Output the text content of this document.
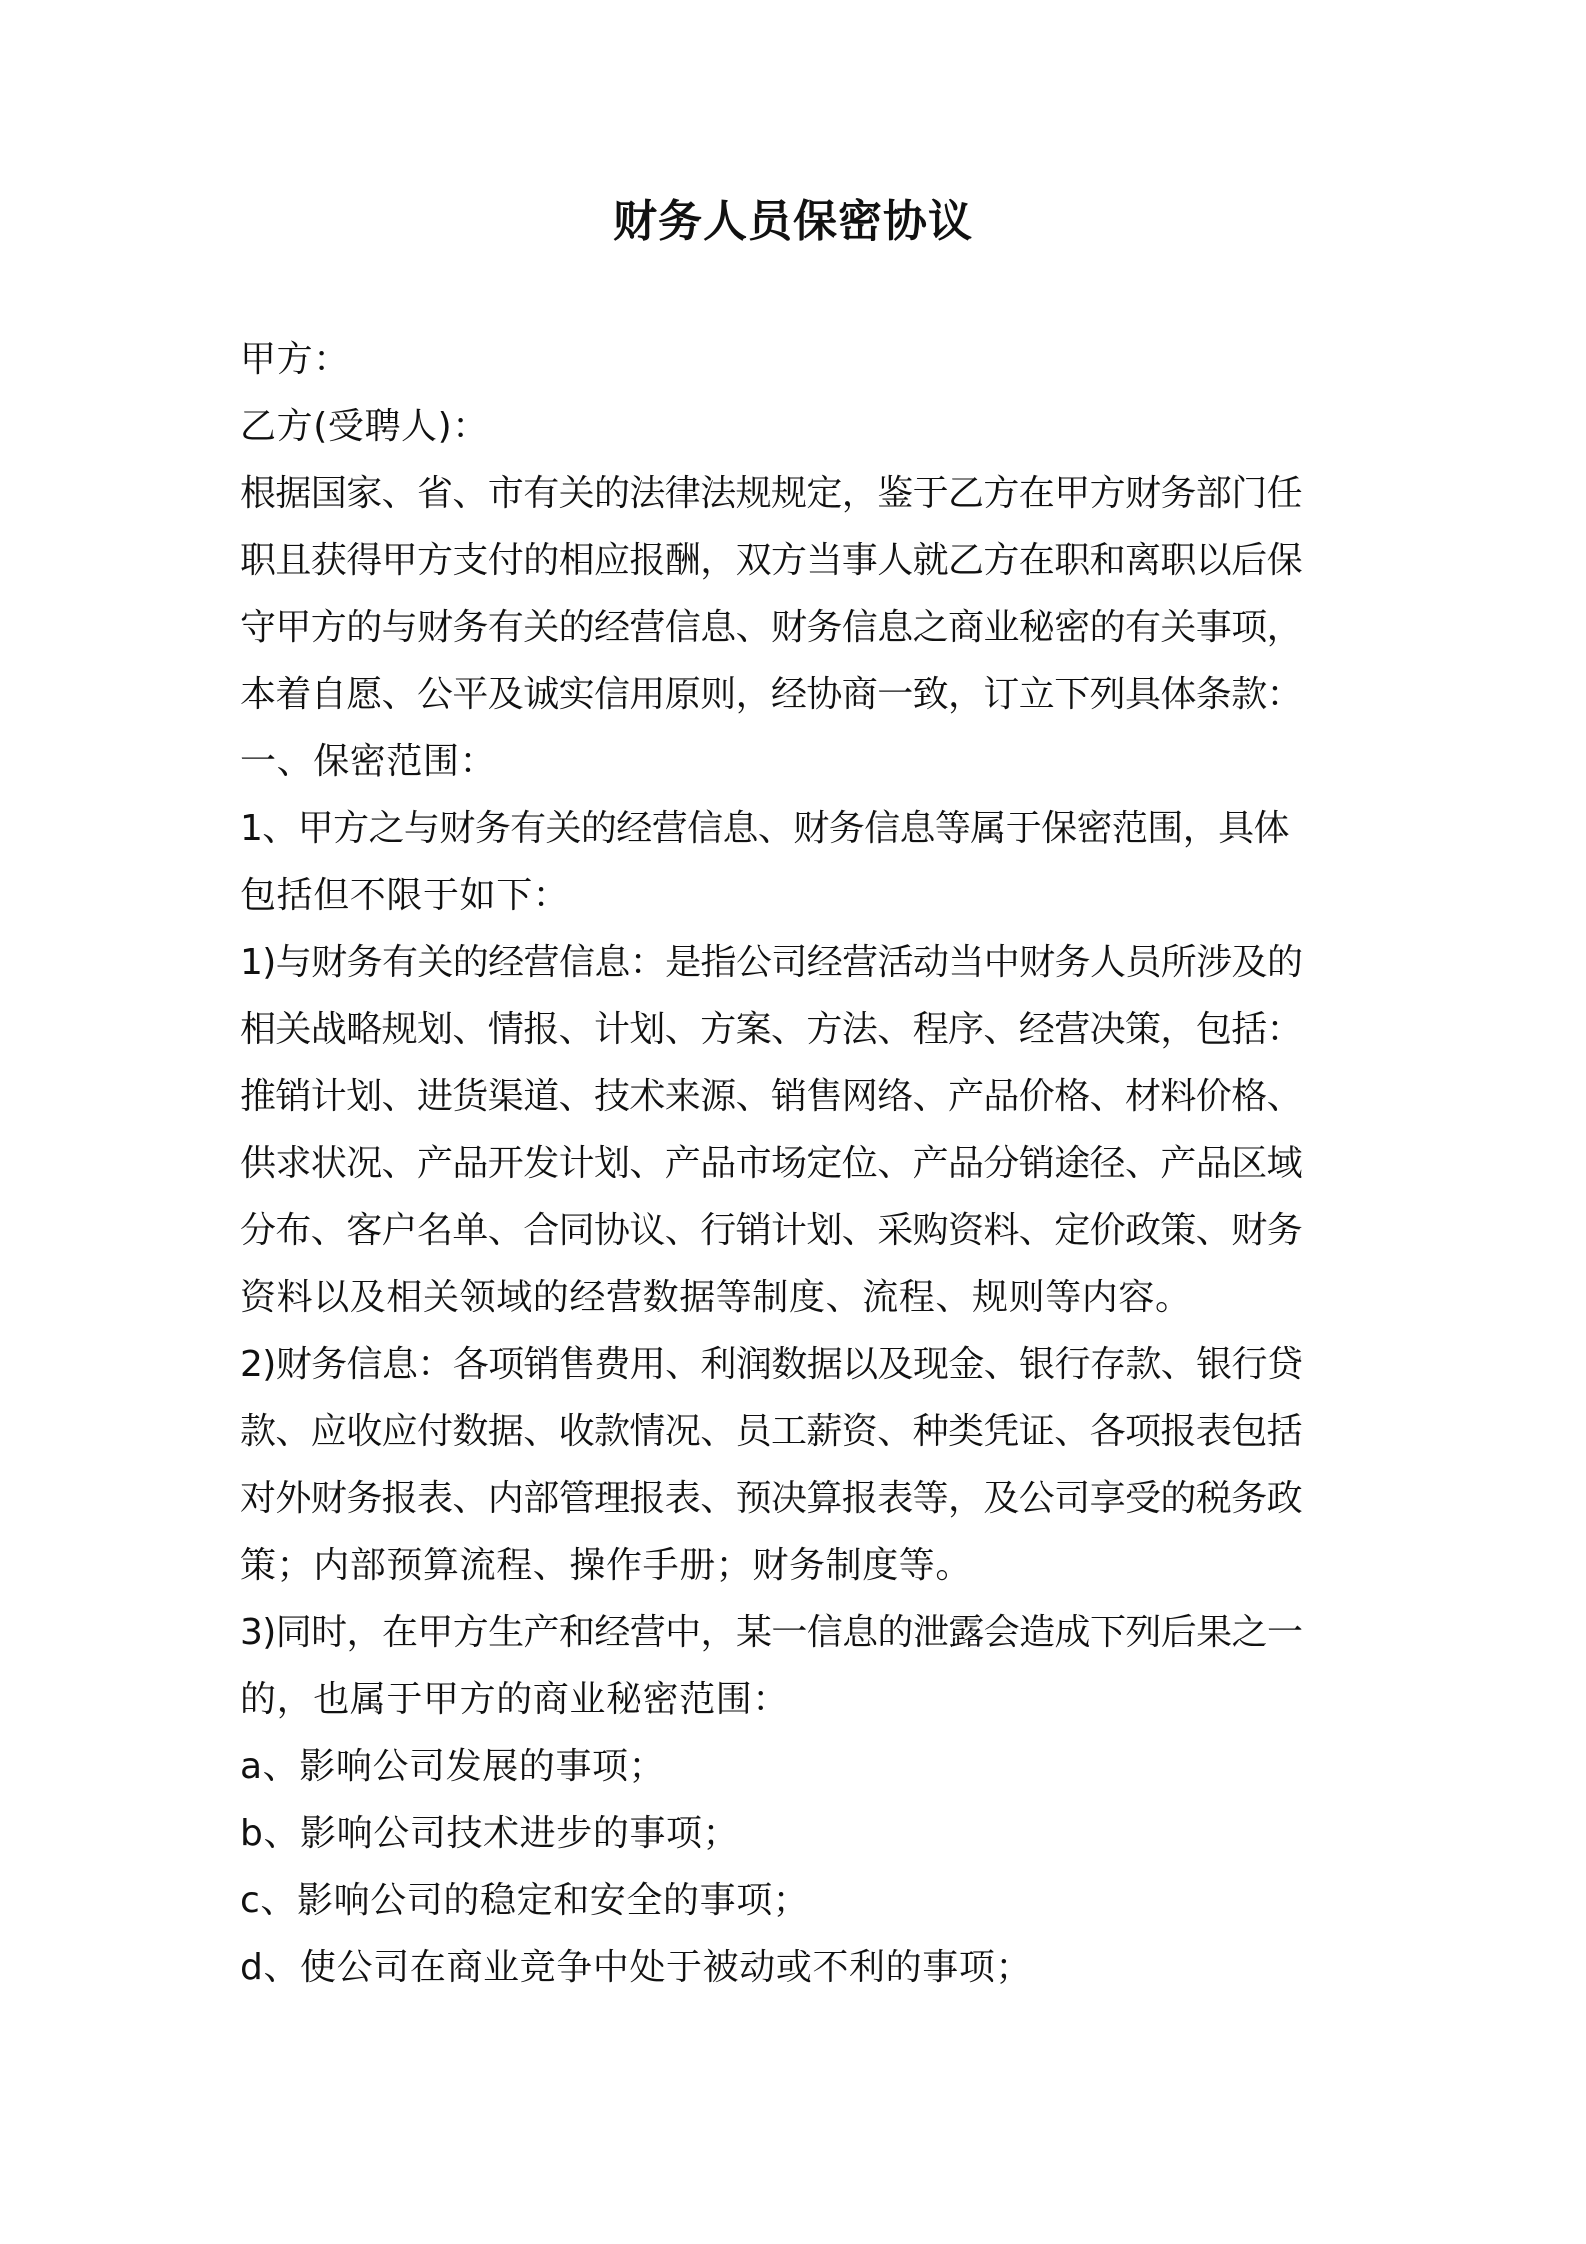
财务人员保密协议
甲方：
乙方(受聘人)：
根据国家、省、市有关的法律法规规定，鉴于乙方在甲方财务部门任
职且获得甲方支付的相应报酬，双方当事人就乙方在职和离职以后保
守甲方的与财务有关的经营信息、财务信息之商业秘密的有关事项，
本着自愿、公平及诚实信用原则，经协商一致，订立下列具体条款：
一、保密范围：
1、甲方之与财务有关的经营信息、财务信息等属于保密范围，具体
包括但不限于如下：
1)与财务有关的经营信息：是指公司经营活动当中财务人员所涉及的
相关战略规划、情报、计划、方案、方法、程序、经营决策，包括：
推销计划、进货渠道、技术来源、销售网络、产品价格、材料价格、
供求状况、产品开发计划、产品市场定位、产品分销途径、产品区域
分布、客户名单、合同协议、行销计划、采购资料、定价政策、财务
资料以及相关领域的经营数据等制度、流程、规则等内容。
2)财务信息：各项销售费用、利润数据以及现金、银行存款、银行贷
款、应收应付数据、收款情况、员工薪资、种类凭证、各项报表包括
对外财务报表、内部管理报表、预决算报表等，及公司享受的税务政
策；内部预算流程、操作手册；财务制度等。
3)同时，在甲方生产和经营中，某一信息的泄露会造成下列后果之一
的，也属于甲方的商业秘密范围：
a、影响公司发展的事项；
b、影响公司技术进步的事项；
c、影响公司的稳定和安全的事项；
d、使公司在商业竞争中处于被动或不利的事项；
